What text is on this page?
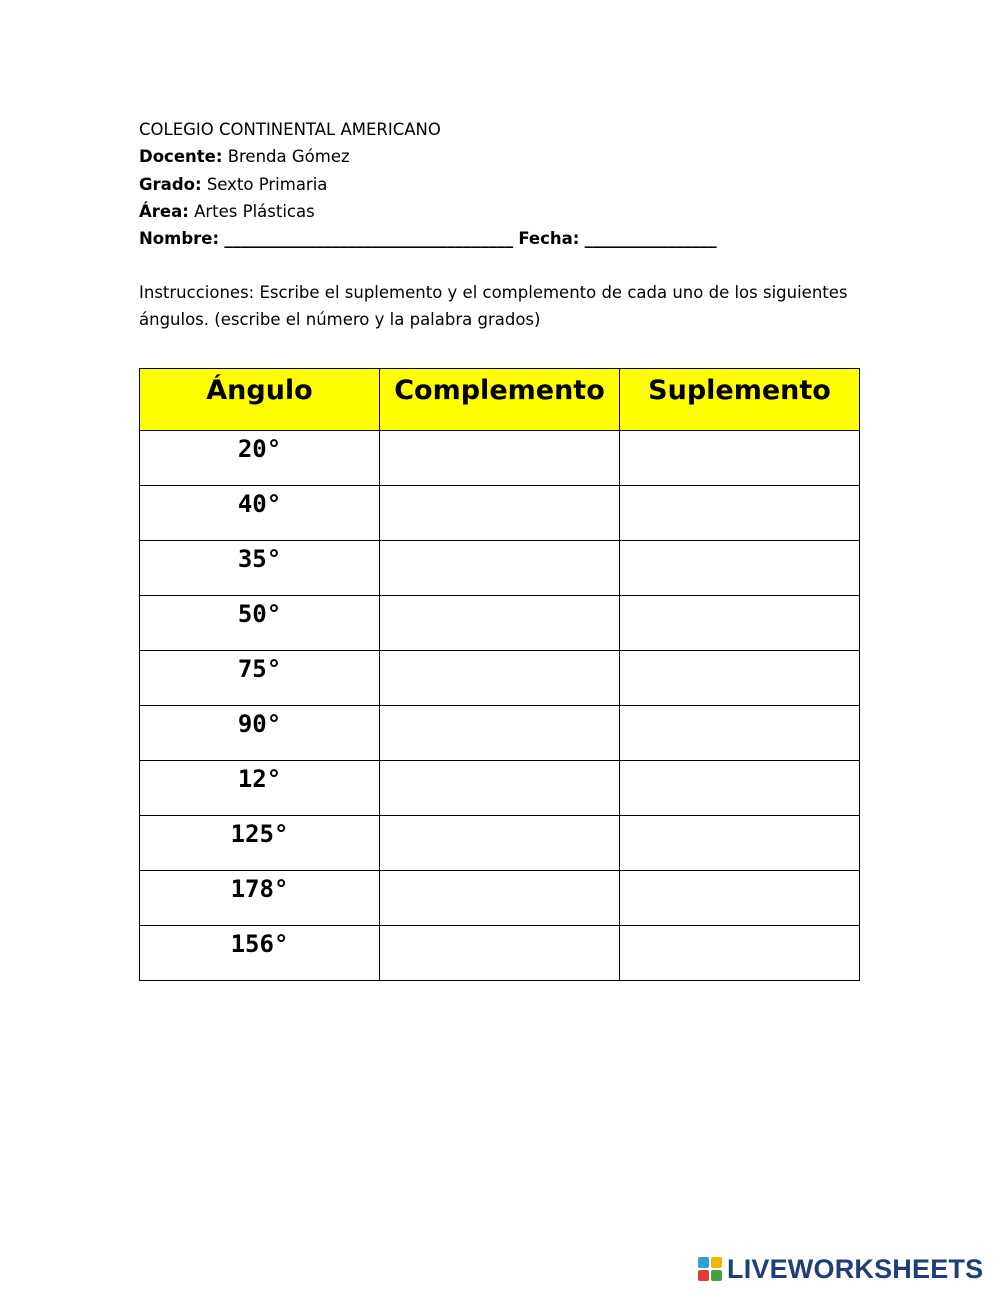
COLEGIO CONTINENTAL AMERICANO
Docente: Brenda Gómez
Grado: Sexto Primaria
Área: Artes Plásticas
Nombre: ___________________________________ Fecha: ________________
Instrucciones: Escribe el suplemento y el complemento de cada uno de los siguientes ángulos. (escribe el número y la palabra grados)
Ángulo	Complemento	Suplemento
20°	

40°	

35°	

50°	

75°	

90°	

12°	

125°	

178°	

156°	

LIVEWORKSHEETS
